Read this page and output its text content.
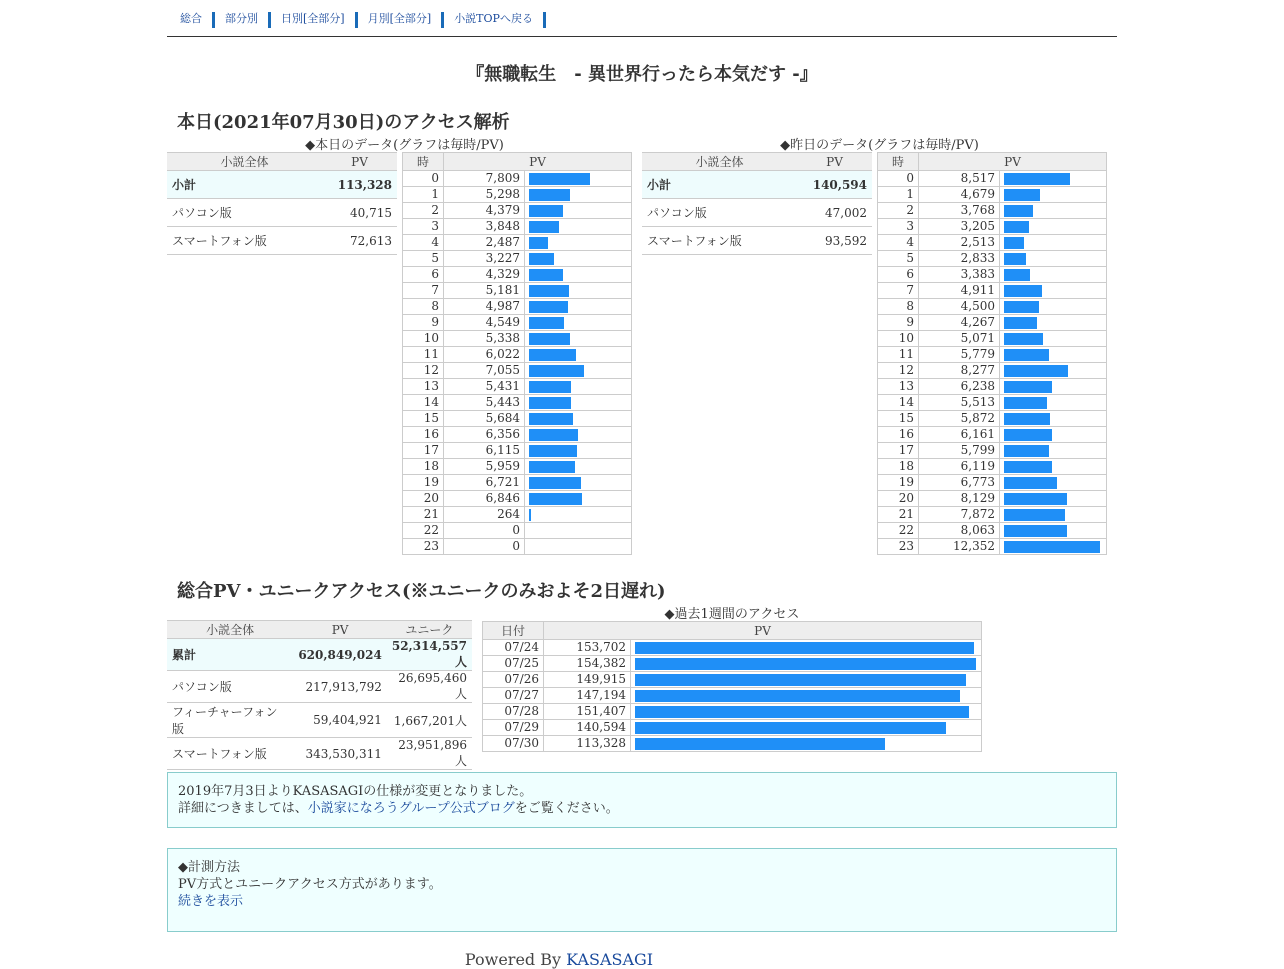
総合	部分別	日別[全部分]	月別[全部分]	小説TOPへ戻る
『無職転生　- 異世界行ったら本気だす -』
本日(2021年07月30日)のアクセス解析
◆本日のデータ(グラフは毎時/PV)	◆昨日のデータ(グラフは毎時/PV)
小説全体	PV
小計	113,328
パソコン版	40,715
スマートフォン版	72,613
時	PV	
0	7,809	

1	5,298	

2	4,379	

3	3,848	

4	2,487	

5	3,227	

6	4,329	

7	5,181	

8	4,987	

9	4,549	

10	5,338	

11	6,022	

12	7,055	

13	5,431	

14	5,443	

15	5,684	

16	6,356	

17	6,115	

18	5,959	

19	6,721	

20	6,846	

21	264	

22	0	

23	0	
小説全体	PV
小計	140,594
パソコン版	47,002
スマートフォン版	93,592
時	PV	
0	8,517	

1	4,679	

2	3,768	

3	3,205	

4	2,513	

5	2,833	

6	3,383	

7	4,911	

8	4,500	

9	4,267	

10	5,071	

11	5,779	

12	8,277	

13	6,238	

14	5,513	

15	5,872	

16	6,161	

17	5,799	

18	6,119	

19	6,773	

20	8,129	

21	7,872	

22	8,063	

23	12,352	
総合PV・ユニークアクセス(※ユニークのみおよそ2日遅れ)
◆過去1週間のアクセス
小説全体	PV	ユニーク
累計	620,849,024	52,314,557人
パソコン版	217,913,792	26,695,460人
フィーチャーフォン版	59,404,921	1,667,201人
スマートフォン版	343,530,311	23,951,896人
日付	PV	
07/24	153,702	

07/25	154,382	

07/26	149,915	

07/27	147,194	

07/28	151,407	

07/29	140,594	

07/30	113,328	
2019年7月3日よりKASASAGIの仕様が変更となりました。
詳細につきましては、小説家になろうグループ公式ブログをご覧ください。
◆計測方法
PV方式とユニークアクセス方式があります。
続きを表示
Powered By KASASAGI
